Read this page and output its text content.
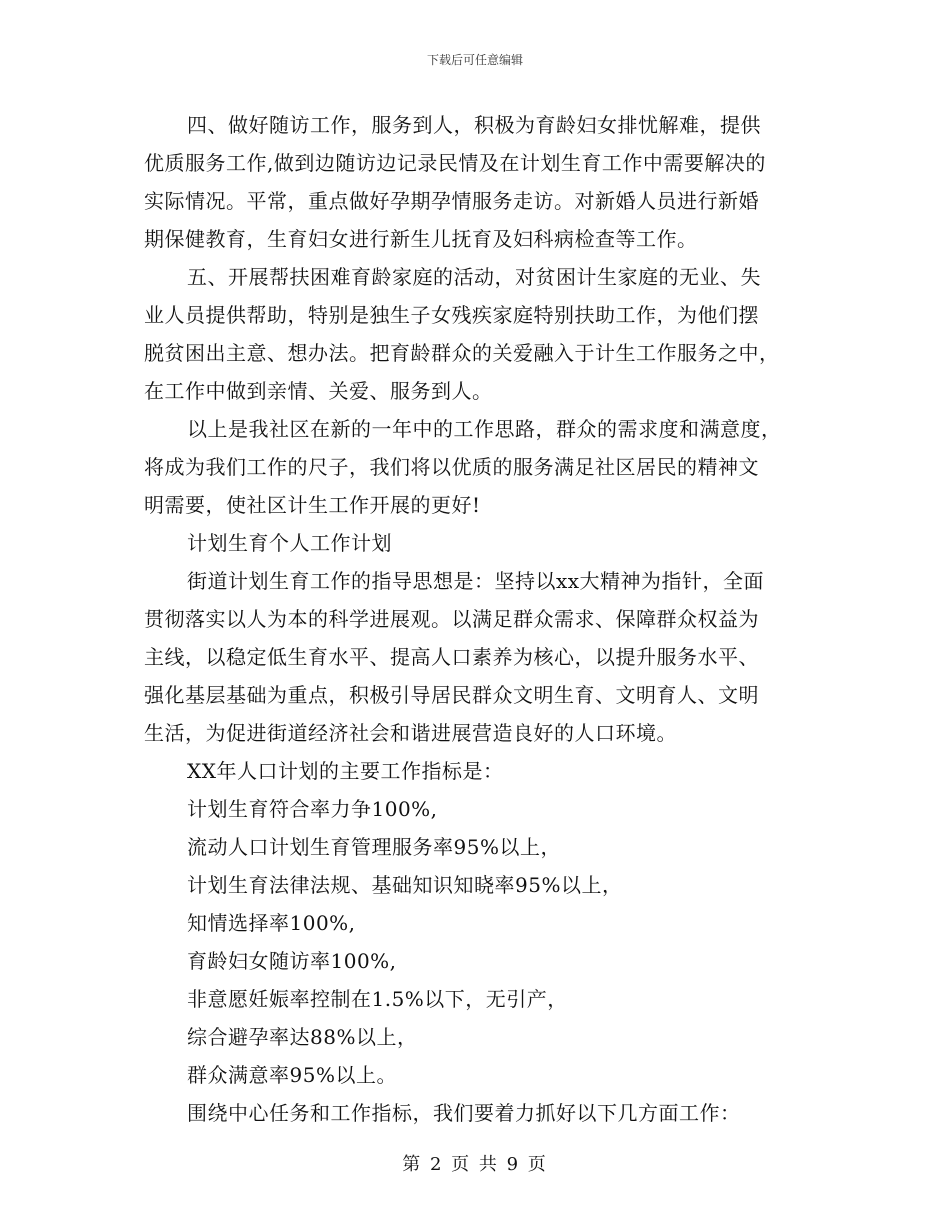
下载后可任意编辑
四、做好随访工作，服务到人，积极为育龄妇女排忧解难，提供
优质服务工作,做到边随访边记录民情及在计划生育工作中需要解决的
实际情况。平常，重点做好孕期孕情服务走访。对新婚人员进行新婚
期保健教育，生育妇女进行新生儿抚育及妇科病检查等工作。
五、开展帮扶困难育龄家庭的活动，对贫困计生家庭的无业、失
业人员提供帮助，特别是独生子女残疾家庭特别扶助工作，为他们摆
脱贫困出主意、想办法。把育龄群众的关爱融入于计生工作服务之中，
在工作中做到亲情、关爱、服务到人。
以上是我社区在新的一年中的工作思路，群众的需求度和满意度，
将成为我们工作的尺子，我们将以优质的服务满足社区居民的精神文
明需要，使社区计生工作开展的更好!
计划生育个人工作计划
街道计划生育工作的指导思想是：坚持以xx大精神为指针，全面
贯彻落实以人为本的科学进展观。以满足群众需求、保障群众权益为
主线，以稳定低生育水平、提高人口素养为核心，以提升服务水平、
强化基层基础为重点，积极引导居民群众文明生育、文明育人、文明
生活，为促进街道经济社会和谐进展营造良好的人口环境。
XX年人口计划的主要工作指标是：
计划生育符合率力争100%,
流动人口计划生育管理服务率95%以上，
计划生育法律法规、基础知识知晓率95%以上，
知情选择率100%,
育龄妇女随访率100%,
非意愿妊娠率控制在1.5%以下，无引产，
综合避孕率达88%以上，
群众满意率95%以上。
围绕中心任务和工作指标，我们要着力抓好以下几方面工作：
第 2 页 共 9 页
